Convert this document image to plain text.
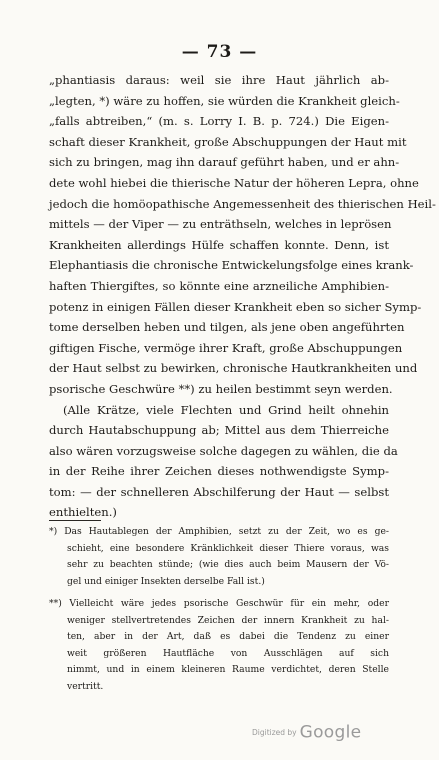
— 73 —
„phantiasis daraus: weil sie ihre Haut jährlich ab-
„legten, *) wäre zu hoffen, sie würden die Krankheit gleich-
„falls abtreiben,“ (m. s. Lorry I. B. p. 724.) Die Eigen-
schaft dieser Krankheit, große Abschuppungen der Haut mit
sich zu bringen, mag ihn darauf geführt haben, und er ahn-
dete wohl hiebei die thierische Natur der höheren Lepra, ohne
jedoch die homöopathische Angemessenheit des thierischen Heil-
mittels — der Viper — zu enträthseln, welches in leprösen
Krankheiten allerdings Hülfe schaffen konnte. Denn, ist
Elephantiasis die chronische Entwickelungsfolge eines krank-
haften Thiergiftes, so könnte eine arzneiliche Amphibien-
potenz in einigen Fällen dieser Krankheit eben so sicher Symp-
tome derselben heben und tilgen, als jene oben angeführten
giftigen Fische, vermöge ihrer Kraft, große Abschuppungen
der Haut selbst zu bewirken, chronische Hautkrankheiten und
psorische Geschwüre **) zu heilen bestimmt seyn werden.
(Alle Krätze, viele Flechten und Grind heilt ohnehin
durch Hautabschuppung ab; Mittel aus dem Thierreiche
also wären vorzugsweise solche dagegen zu wählen, die da
in der Reihe ihrer Zeichen dieses nothwendigste Symp-
tom: — der schnelleren Abschilferung der Haut — selbst
enthielten.)
*) Das Hautablegen der Amphibien, setzt zu der Zeit, wo es ge-
schieht, eine besondere Kränklichkeit dieser Thiere voraus, was
sehr zu beachten stünde; (wie dies auch beim Mausern der Vö-
gel und einiger Insekten derselbe Fall ist.)
**) Vielleicht wäre jedes psorische Geschwür für ein mehr, oder
weniger stellvertretendes Zeichen der innern Krankheit zu hal-
ten, aber in der Art, daß es dabei die Tendenz zu einer
weit größeren Hautfläche von Ausschlägen auf sich
nimmt, und in einem kleineren Raume verdichtet, deren Stelle
vertritt.
Digitized by Google
